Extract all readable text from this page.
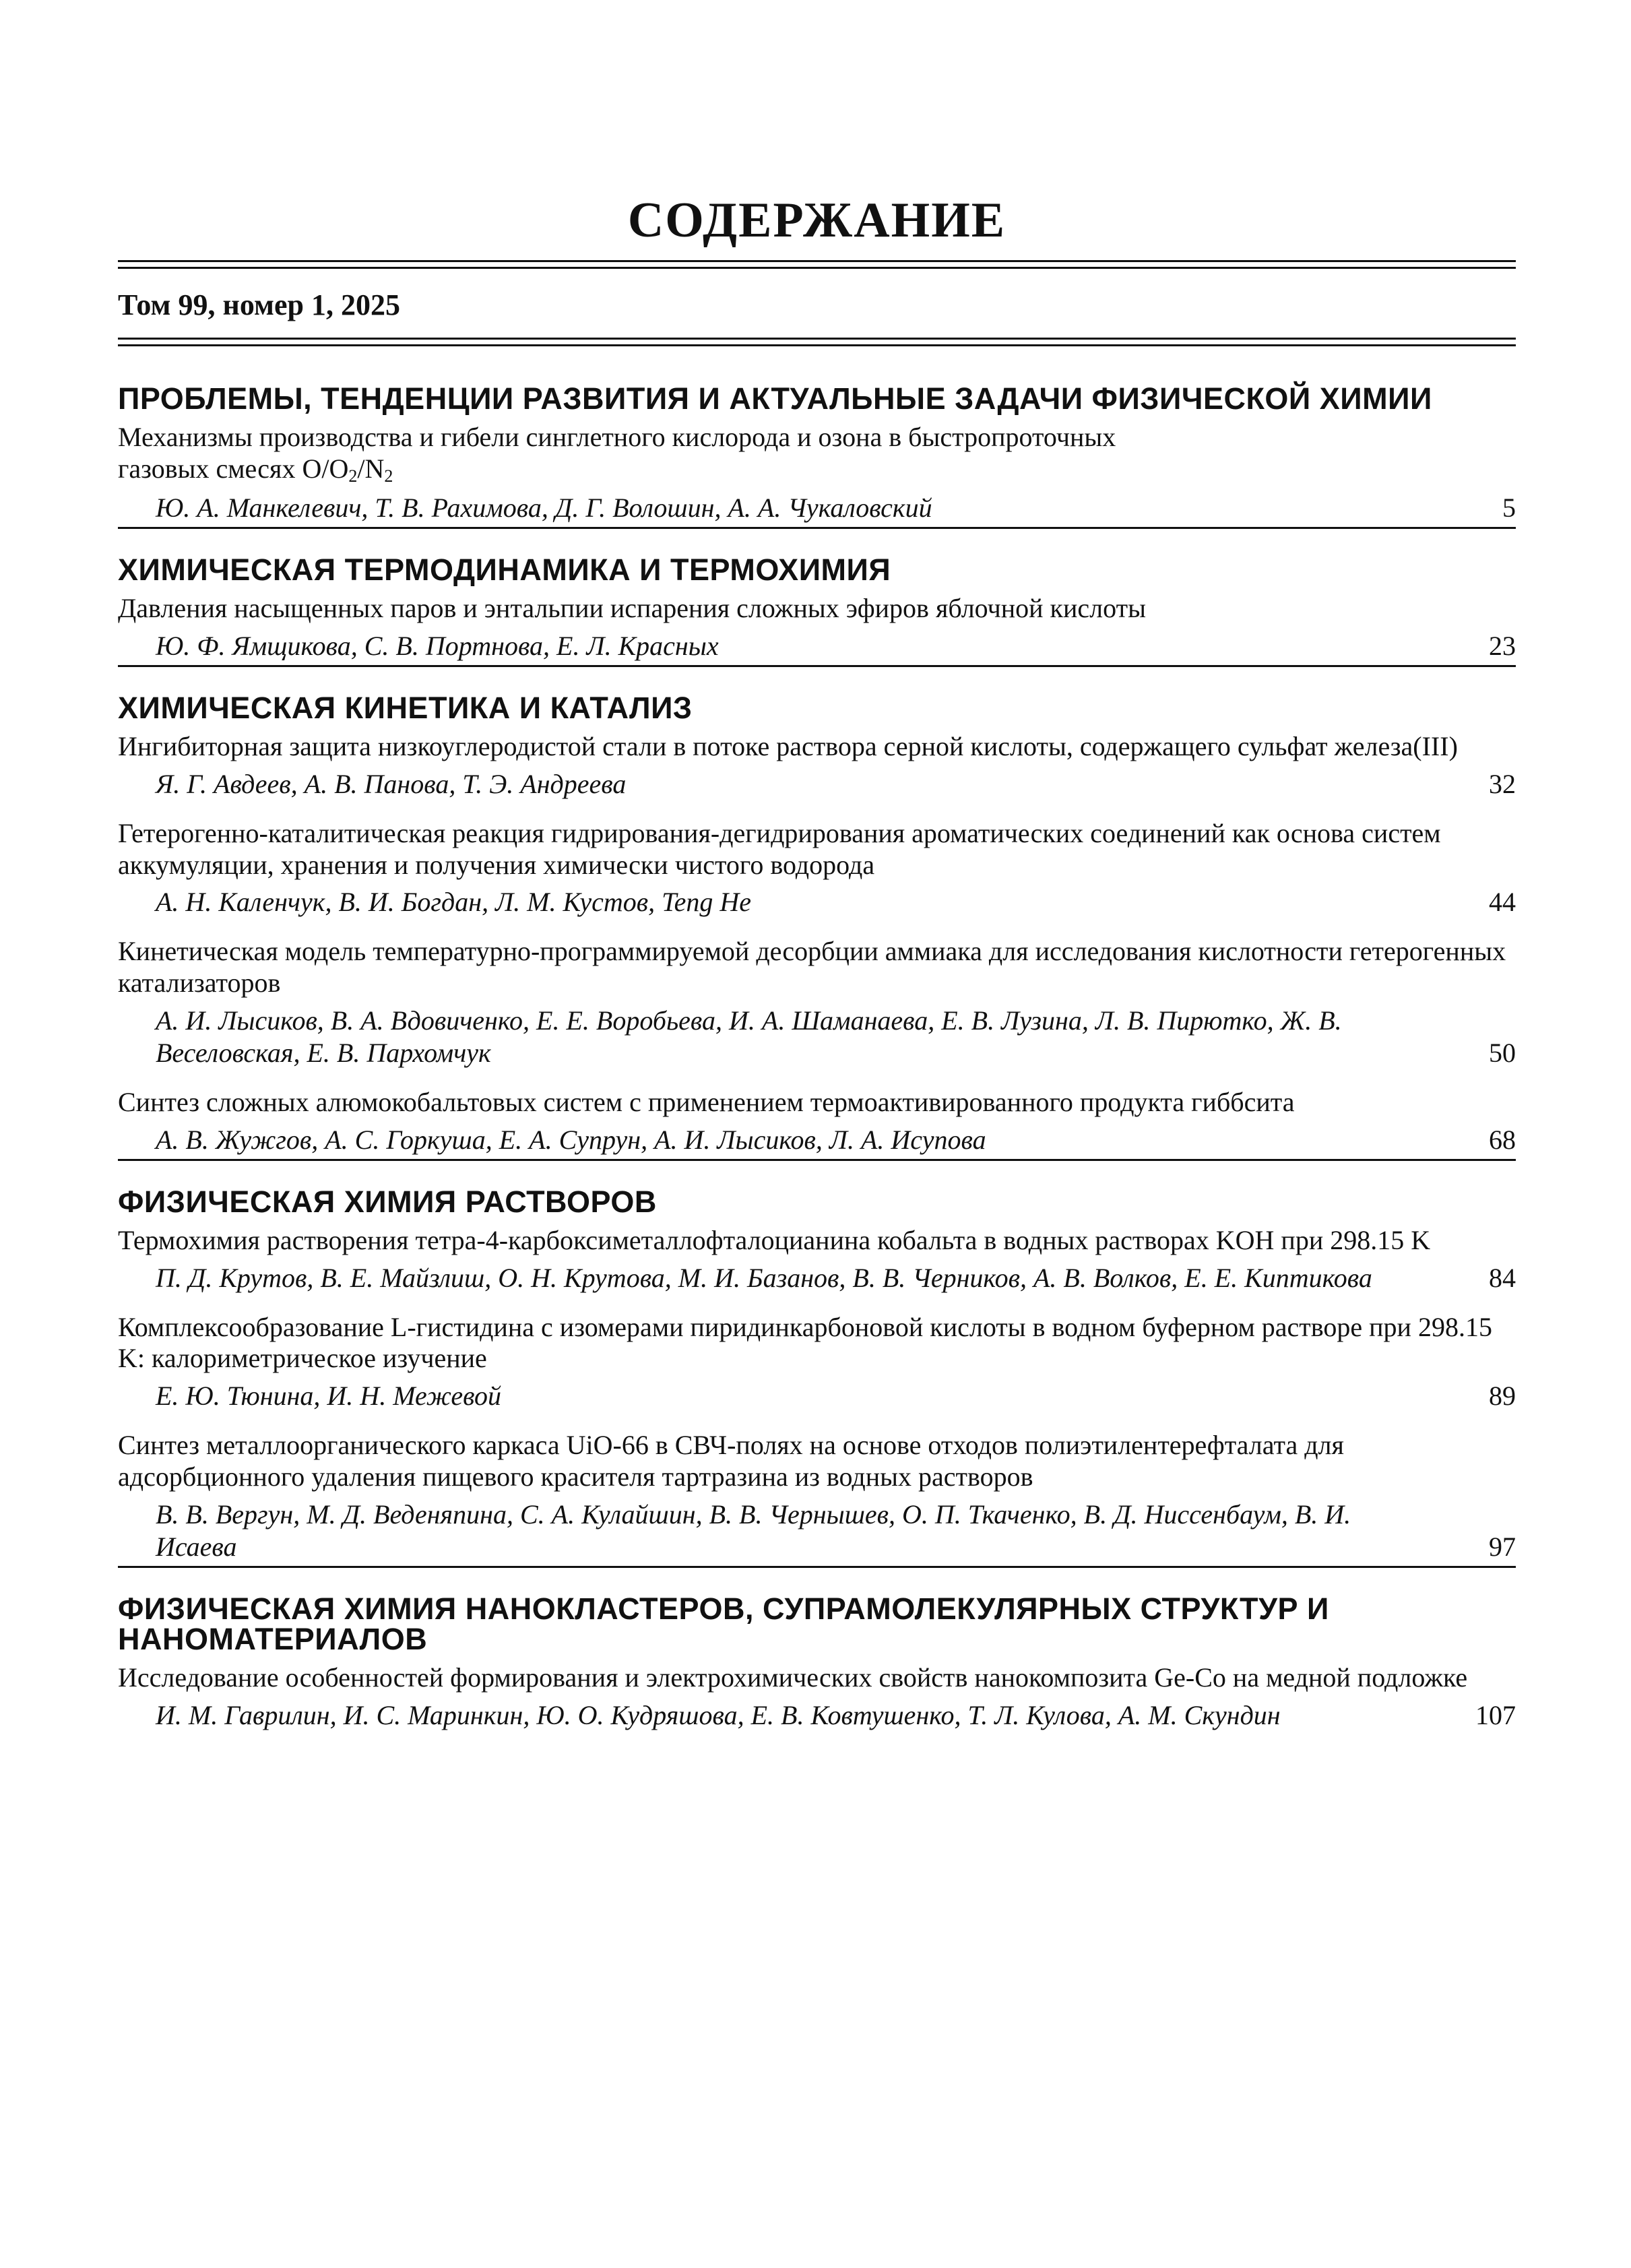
СОДЕРЖАНИЕ
Том 99, номер 1, 2025
ПРОБЛЕМЫ, ТЕНДЕНЦИИ РАЗВИТИЯ И АКТУАЛЬНЫЕ ЗАДАЧИ ФИЗИЧЕСКОЙ ХИМИИ
Механизмы производства и гибели синглетного кислорода и озона в быстропроточных
газовых смесях $O/O_2/N_2$
Ю. А. Манкелевич, Т. В. Рахимова, Д. Г. Волошин, А. А. Чукаловский	5
ХИМИЧЕСКАЯ ТЕРМОДИНАМИКА И ТЕРМОХИМИЯ
Давления насыщенных паров и энтальпии испарения сложных эфиров яблочной кислоты
Ю. Ф. Ямщикова, С. В. Портнова, Е. Л. Красных	23
ХИМИЧЕСКАЯ КИНЕТИКА И КАТАЛИЗ
Ингибиторная защита низкоуглеродистой стали в потоке раствора серной кислоты, содержащего сульфат железа(III)
Я. Г. Авдеев, А. В. Панова, Т. Э. Андреева	32
Гетерогенно-каталитическая реакция гидрирования-дегидрирования ароматических соединений как основа систем аккумуляции, хранения и получения химически чистого водорода
А. Н. Каленчук, В. И. Богдан, Л. М. Кустов, Teng He	44
Кинетическая модель температурно-программируемой десорбции аммиака для исследования кислотности гетерогенных катализаторов
А. И. Лысиков, В. А. Вдовиченко, Е. Е. Воробьева, И. А. Шаманаева, Е. В. Лузина, Л. В. Пирютко, Ж. В. Веселовская, Е. В. Пархомчук	50
Синтез сложных алюмокобальтовых систем с применением термоактивированного продукта гиббсита
А. В. Жужгов, А. С. Горкуша, Е. А. Супрун, А. И. Лысиков, Л. А. Исупова	68
ФИЗИЧЕСКАЯ ХИМИЯ РАСТВОРОВ
Термохимия растворения тетра-4-карбоксиметаллофталоцианина кобальта в водных растворах KOH при 298.15 K
П. Д. Крутов, В. Е. Майзлиш, О. Н. Крутова, М. И. Базанов, В. В. Черников, А. В. Волков, Е. Е. Киптикова	84
Комплексообразование L-гистидина с изомерами пиридинкарбоновой кислоты в водном буферном растворе при 298.15 K: калориметрическое изучение
Е. Ю. Тюнина, И. Н. Межевой	89
Синтез металлоорганического каркаса UiO-66 в СВЧ-полях на основе отходов полиэтилентерефталата для адсорбционного удаления пищевого красителя тартразина из водных растворов
В. В. Вергун, М. Д. Веденяпина, С. А. Кулайшин, В. В. Чернышев, О. П. Ткаченко, В. Д. Ниссенбаум, В. И. Исаева	97
ФИЗИЧЕСКАЯ ХИМИЯ НАНОКЛАСТЕРОВ, СУПРАМОЛЕКУЛЯРНЫХ СТРУКТУР И НАНОМАТЕРИАЛОВ
Исследование особенностей формирования и электрохимических свойств нанокомпозита Ge-Co на медной подложке
И. М. Гаврилин, И. С. Маринкин, Ю. О. Кудряшова, Е. В. Ковтушенко, Т. Л. Кулова, А. М. Скундин	107
